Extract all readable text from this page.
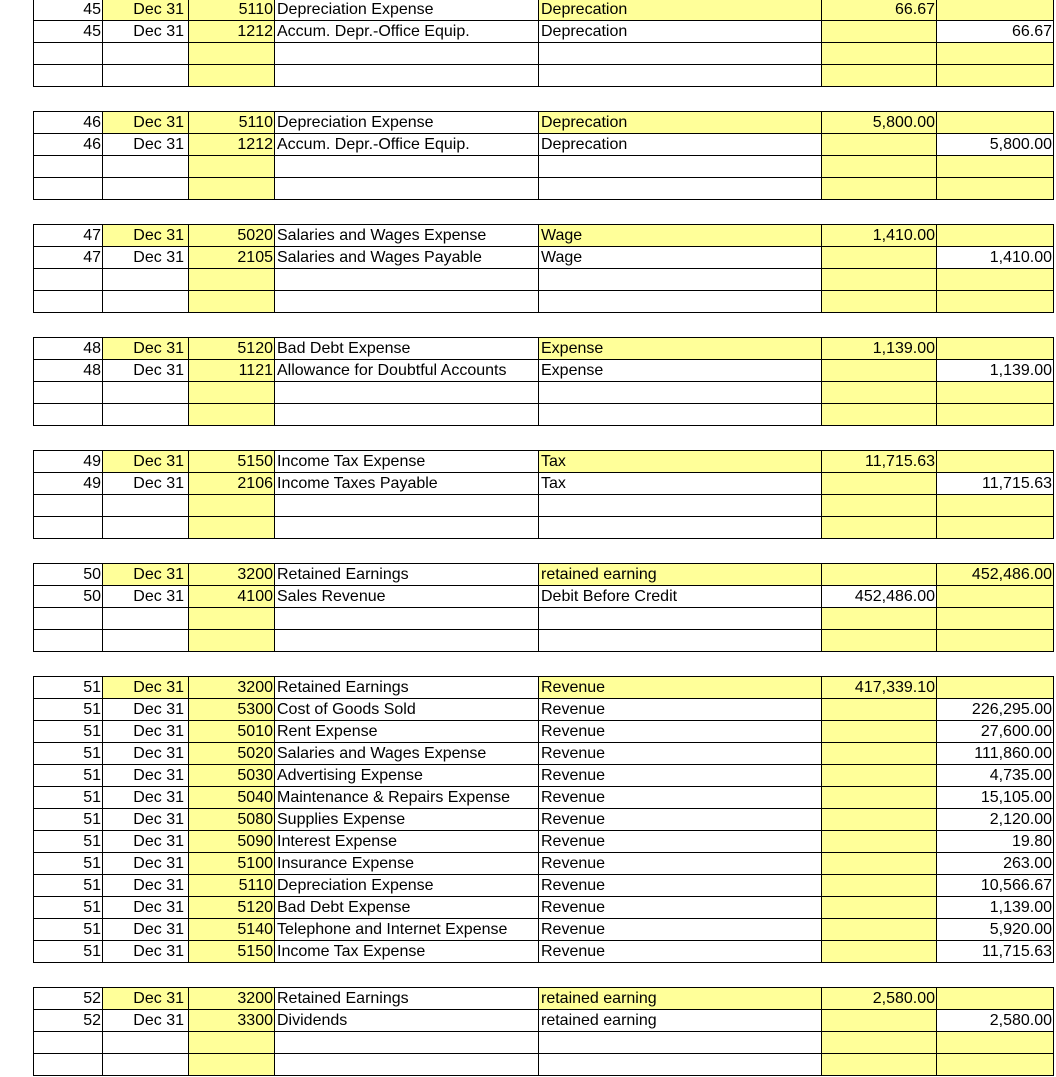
45	Dec 31	5110	Depreciation Expense	Deprecation	66.67	
45	Dec 31	1212	Accum. Depr.-Office Equip.	Deprecation		66.67

46	Dec 31	5110	Depreciation Expense	Deprecation	5,800.00	
46	Dec 31	1212	Accum. Depr.-Office Equip.	Deprecation		5,800.00

47	Dec 31	5020	Salaries and Wages Expense	Wage	1,410.00	
47	Dec 31	2105	Salaries and Wages Payable	Wage		1,410.00

48	Dec 31	5120	Bad Debt Expense	Expense	1,139.00	
48	Dec 31	1121	Allowance for Doubtful Accounts	Expense		1,139.00

49	Dec 31	5150	Income Tax Expense	Tax	11,715.63	
49	Dec 31	2106	Income Taxes Payable	Tax		11,715.63

50	Dec 31	3200	Retained Earnings	retained earning		452,486.00
50	Dec 31	4100	Sales Revenue	Debit Before Credit	452,486.00	

51	Dec 31	3200	Retained Earnings	Revenue	417,339.10	
51	Dec 31	5300	Cost of Goods Sold	Revenue		226,295.00
51	Dec 31	5010	Rent Expense	Revenue		27,600.00
51	Dec 31	5020	Salaries and Wages Expense	Revenue		111,860.00
51	Dec 31	5030	Advertising Expense	Revenue		4,735.00
51	Dec 31	5040	Maintenance & Repairs Expense	Revenue		15,105.00
51	Dec 31	5080	Supplies Expense	Revenue		2,120.00
51	Dec 31	5090	Interest Expense	Revenue		19.80
51	Dec 31	5100	Insurance Expense	Revenue		263.00
51	Dec 31	5110	Depreciation Expense	Revenue		10,566.67
51	Dec 31	5120	Bad Debt Expense	Revenue		1,139.00
51	Dec 31	5140	Telephone and Internet Expense	Revenue		5,920.00
51	Dec 31	5150	Income Tax Expense	Revenue		11,715.63
52	Dec 31	3200	Retained Earnings	retained earning	2,580.00	
52	Dec 31	3300	Dividends	retained earning		2,580.00
